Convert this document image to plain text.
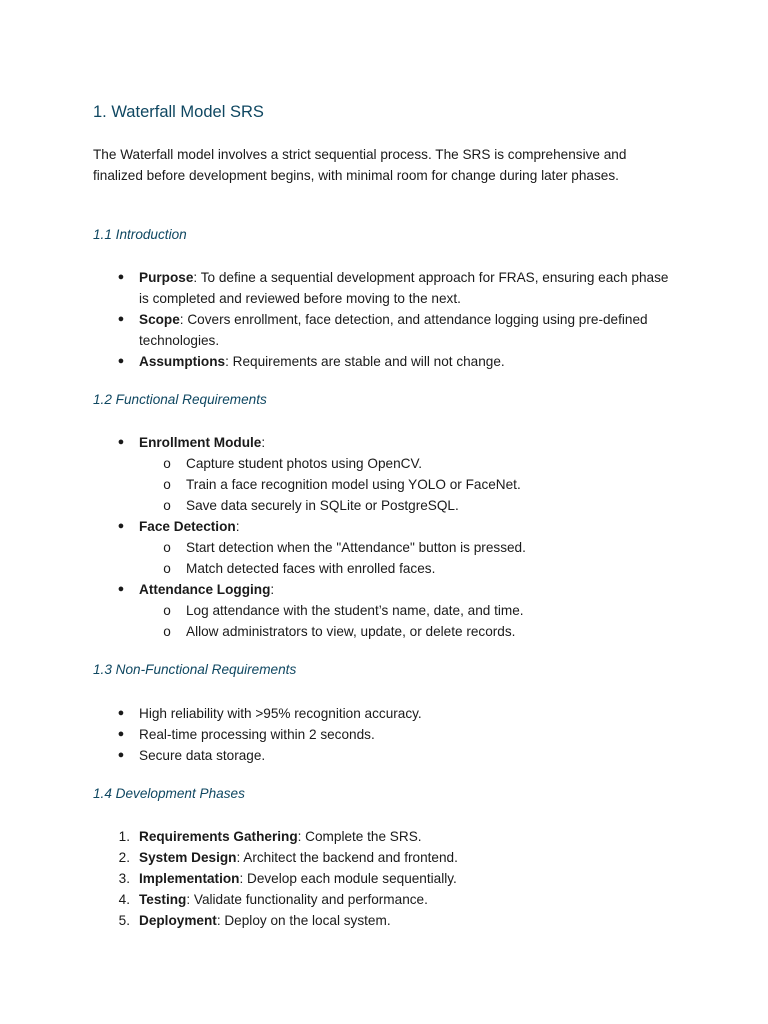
1. Waterfall Model SRS

The Waterfall model involves a strict sequential process. The SRS is comprehensive and finalized before development begins, with minimal room for change during later phases.

1.1 Introduction
● Purpose: To define a sequential development approach for FRAS, ensuring each phase is completed and reviewed before moving to the next.
● Scope: Covers enrollment, face detection, and attendance logging using pre-defined technologies.
● Assumptions: Requirements are stable and will not change.
1.2 Functional Requirements
● Enrollment Module:
o Capture student photos using OpenCV.
o Train a face recognition model using YOLO or FaceNet.
o Save data securely in SQLite or PostgreSQL.
● Face Detection:
o Start detection when the "Attendance" button is pressed.
o Match detected faces with enrolled faces.
● Attendance Logging:
o Log attendance with the student’s name, date, and time.
o Allow administrators to view, update, or delete records.
1.3 Non-Functional Requirements
● High reliability with >95% recognition accuracy.
● Real-time processing within 2 seconds.
● Secure data storage.
1.4 Development Phases
1. Requirements Gathering: Complete the SRS.
2. System Design: Architect the backend and frontend.
3. Implementation: Develop each module sequentially.
4. Testing: Validate functionality and performance.
5. Deployment: Deploy on the local system.
